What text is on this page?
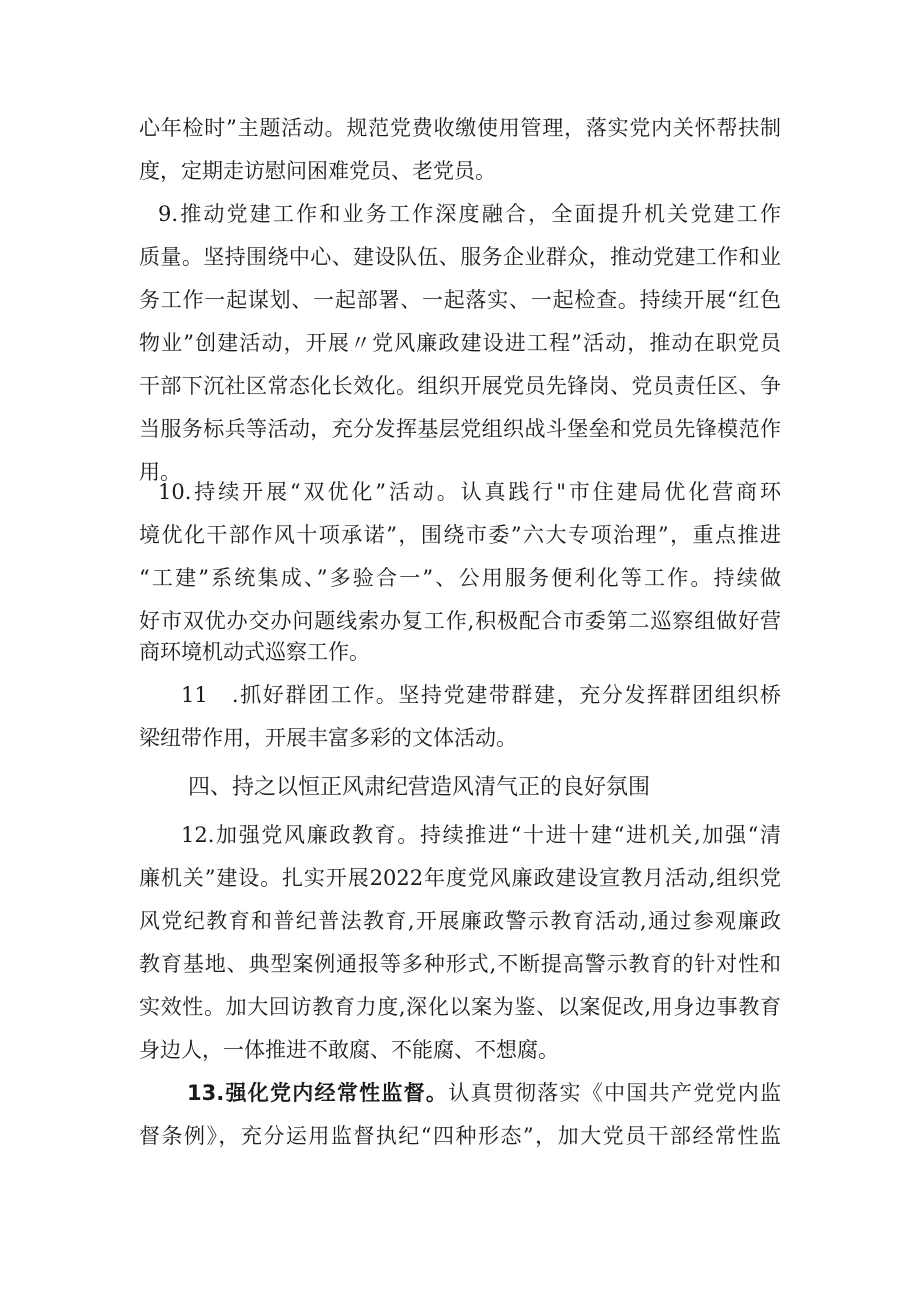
心年检时”主题活动。规范党费收缴使用管理，落实党内关怀帮扶制
度，定期走访慰问困难党员、老党员。
9.推动党建工作和业务工作深度融合，全面提升机关党建工作
质量。坚持围绕中心、建设队伍、服务企业群众，推动党建工作和业
务工作一起谋划、一起部署、一起落实、一起检查。持续开展“红色
物业”创建活动，开展〃党风廉政建设进工程”活动，推动在职党员
干部下沉社区常态化长效化。组织开展党员先锋岗、党员责任区、争
当服务标兵等活动，充分发挥基层党组织战斗堡垒和党员先锋模范作
用。
10.持续开展“双优化”活动。认真践行"市住建局优化营商环
境优化干部作风十项承诺”，围绕市委”六大专项治理”，重点推进
“工建”系统集成、”多验合一”、公用服务便利化等工作。持续做
好市双优办交办问题线索办复工作,积极配合市委第二巡察组做好营
商环境机动式巡察工作。
11　.抓好群团工作。坚持党建带群建，充分发挥群团组织桥
四、持之以恒正风肃纪营造风清气正的良好氛围
12.加强党风廉政教育。持续推进“十进十建“进机关,加强“清
廉机关”建设。扎实开展2022年度党风廉政建设宣教月活动,组织党
风党纪教育和普纪普法教育,开展廉政警示教育活动,通过参观廉政
教育基地、典型案例通报等多种形式,不断提高警示教育的针对性和
实效性。加大回访教育力度,深化以案为鉴、以案促改,用身边事教育
身边人，一体推进不敢腐、不能腐、不想腐。
13.强化党内经常性监督。认真贯彻落实《中国共产党党内监
督条例》，充分运用监督执纪“四种形态”，加大党员干部经常性监
梁纽带作用，开展丰富多彩的文体活动。
